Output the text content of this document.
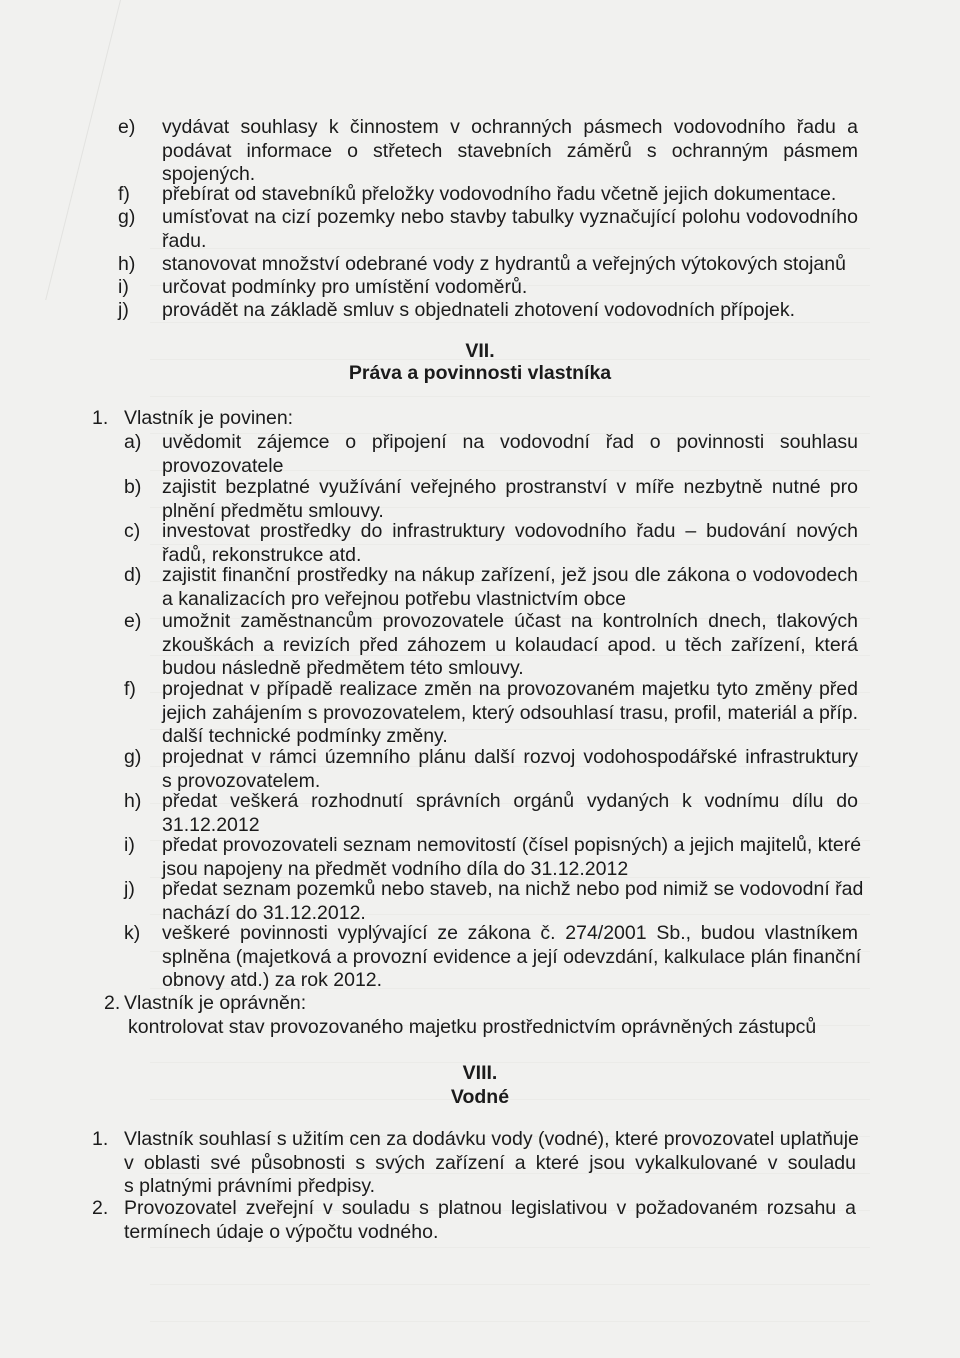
e) vydávat souhlasy k činnostem v ochranných pásmech vodovodního řadu a
podávat informace o střetech stavebních záměrů s ochranným pásmem
spojených.
f) přebírat od stavebníků přeložky vodovodního řadu včetně jejich dokumentace.
g) umísťovat na cizí pozemky nebo stavby tabulky vyznačující polohu vodovodního
řadu.
h) stanovovat množství odebrané vody z hydrantů a veřejných výtokových stojanů
i) určovat podmínky pro umístění vodoměrů.
j) provádět na základě smluv s objednateli zhotovení vodovodních přípojek.
VII.
Práva a povinnosti vlastníka
1. Vlastník je povinen:
a) uvědomit zájemce o připojení na vodovodní řad o povinnosti souhlasu
provozovatele
b) zajistit bezplatné využívání veřejného prostranství v míře nezbytně nutné pro
plnění předmětu smlouvy.
c) investovat prostředky do infrastruktury vodovodního řadu – budování nových
řadů, rekonstrukce atd.
d) zajistit finanční prostředky na nákup zařízení, jež jsou dle zákona o vodovodech
a kanalizacích pro veřejnou potřebu vlastnictvím obce
e) umožnit zaměstnancům provozovatele účast na kontrolních dnech, tlakových
zkouškách a revizích před záhozem u kolaudací apod. u těch zařízení, která
budou následně předmětem této smlouvy.
f) projednat v případě realizace změn na provozovaném majetku tyto změny před
jejich zahájením s provozovatelem, který odsouhlasí trasu, profil, materiál a příp.
další technické podmínky změny.
g) projednat v rámci územního plánu další rozvoj vodohospodářské infrastruktury
s provozovatelem.
h) předat veškerá rozhodnutí správních orgánů vydaných k vodnímu dílu do
31.12.2012
i) předat provozovateli seznam nemovitostí (čísel popisných) a jejich majitelů, které
jsou napojeny na předmět vodního díla do 31.12.2012
j) předat seznam pozemků nebo staveb, na nichž nebo pod nimiž se vodovodní řad
nachází do 31.12.2012.
k) veškeré povinnosti vyplývající ze zákona č. 274/2001 Sb., budou vlastníkem
splněna (majetková a provozní evidence a její odevzdání, kalkulace plán finanční
obnovy atd.) za rok 2012.
2. Vlastník je oprávněn:
kontrolovat stav provozovaného majetku prostřednictvím oprávněných zástupců
VIII.
Vodné
1. Vlastník souhlasí s užitím cen za dodávku vody (vodné), které provozovatel uplatňuje
v oblasti své působnosti s svých zařízení a které jsou vykalkulované v souladu
s platnými právními předpisy.
2. Provozovatel zveřejní v souladu s platnou legislativou v požadovaném rozsahu a
termínech údaje o výpočtu vodného.
